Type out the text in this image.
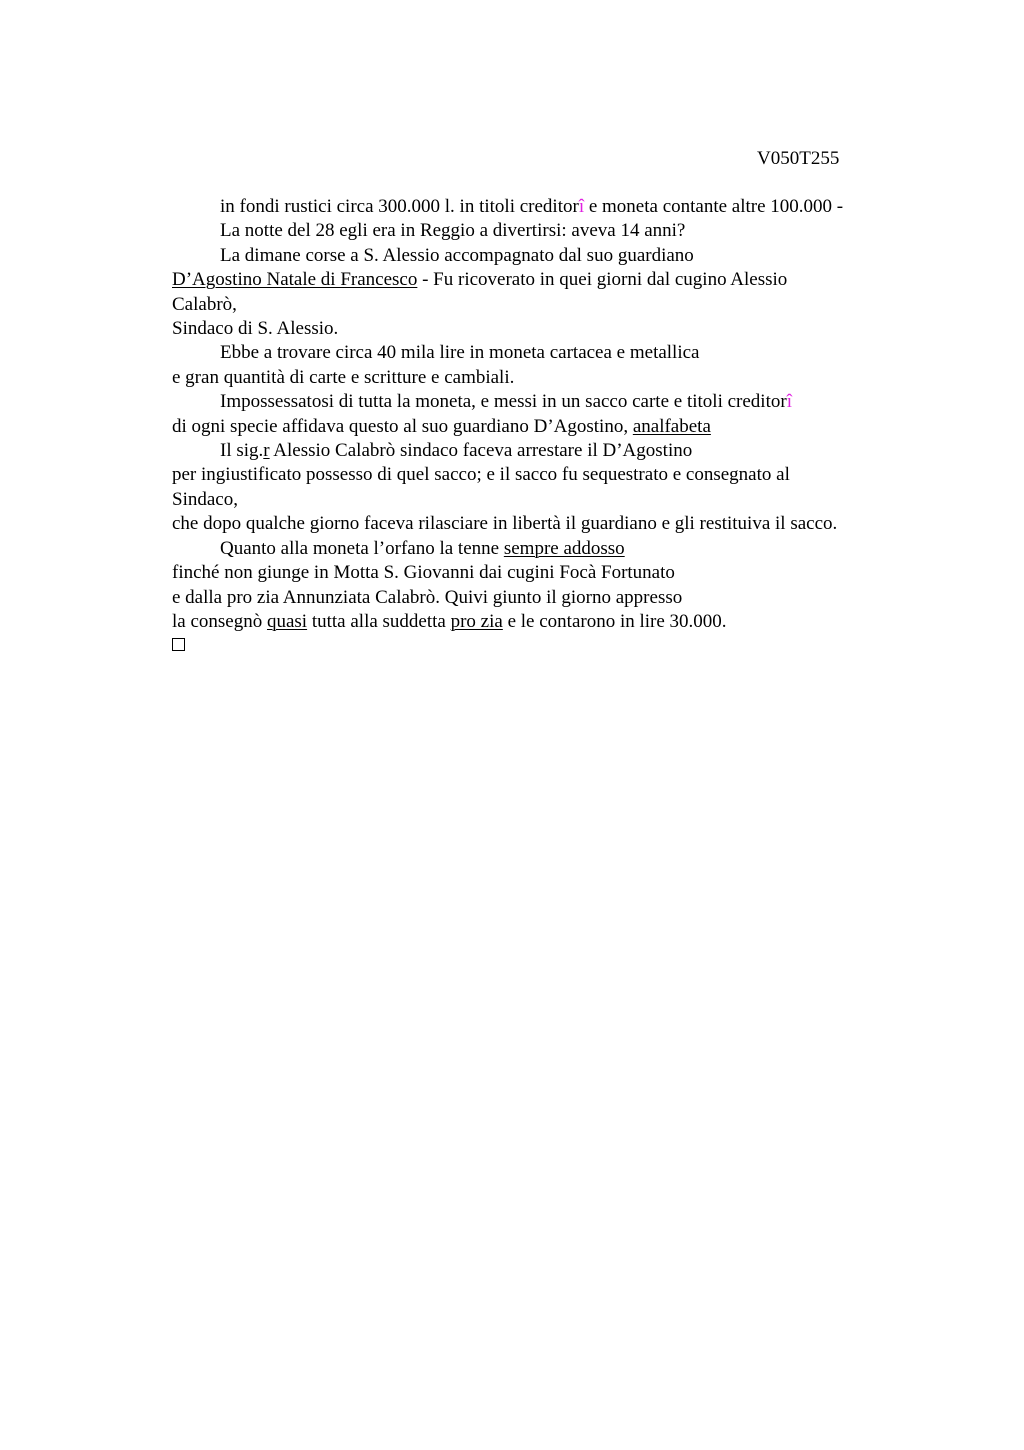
V050T255
in fondi rustici circa 300.000 l. in titoli creditorî e moneta contante altre 100.000 -
La notte del 28 egli era in Reggio a divertirsi: aveva 14 anni?
La dimane corse a S. Alessio accompagnato dal suo guardiano
D’Agostino Natale di Francesco - Fu ricoverato in quei giorni dal cugino Alessio
Calabrò,
Sindaco di S. Alessio.
Ebbe a trovare circa 40 mila lire in moneta cartacea e metallica
e gran quantità di carte e scritture e cambiali.
Impossessatosi di tutta la moneta, e messi in un sacco carte e titoli creditorî
di ogni specie affidava questo al suo guardiano D’Agostino, analfabeta
Il sig.r Alessio Calabrò sindaco faceva arrestare il D’Agostino
per ingiustificato possesso di quel sacco; e il sacco fu sequestrato e consegnato al
Sindaco,
che dopo qualche giorno faceva rilasciare in libertà il guardiano e gli restituiva il sacco.
Quanto alla moneta l’orfano la tenne sempre addosso
finché non giunge in Motta S. Giovanni dai cugini Focà Fortunato
e dalla pro zia Annunziata Calabrò. Quivi giunto il giorno appresso
la consegnò quasi tutta alla suddetta pro zia e le contarono in lire 30.000.
